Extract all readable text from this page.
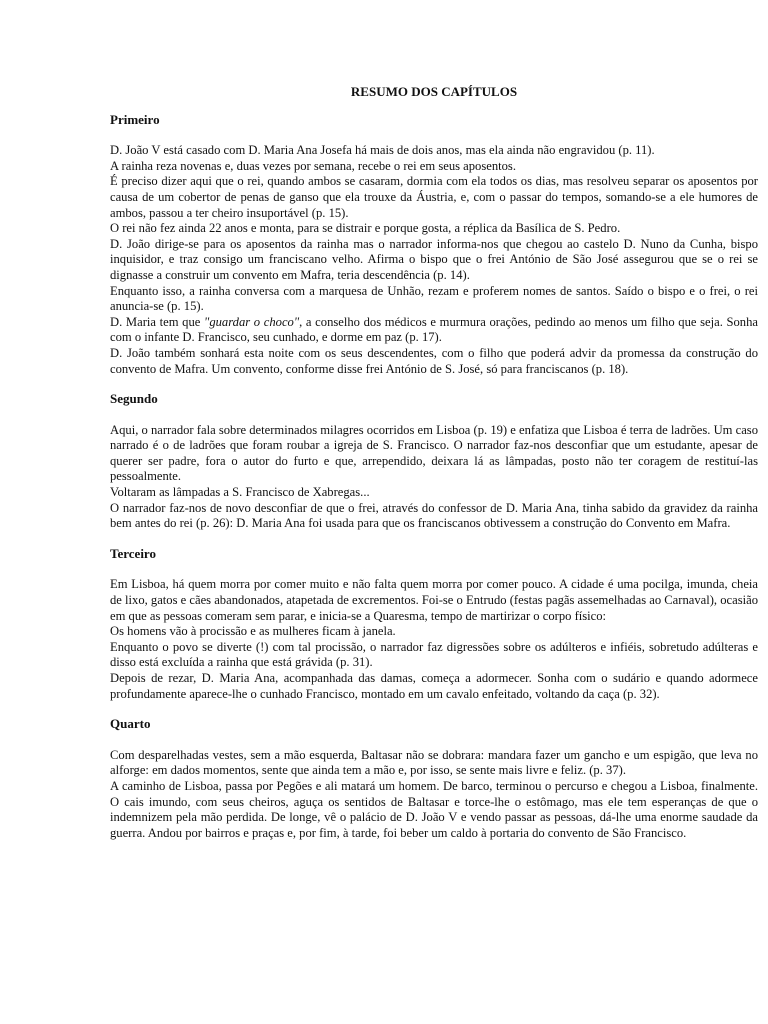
RESUMO DOS CAPÍTULOS
Primeiro

D. João V está casado com D. Maria Ana Josefa há mais de dois anos, mas ela ainda não engravidou (p. 11).

A rainha reza novenas e, duas vezes por semana, recebe o rei em seus aposentos.

É preciso dizer aqui que o rei, quando ambos se casaram, dormia com ela todos os dias, mas resolveu separar os aposentos por causa de um cobertor de penas de ganso que ela trouxe da Áustria, e, com o passar do tempos, somando-se a ele humores de ambos, passou a ter cheiro insuportável (p. 15).

O rei não fez ainda 22 anos e monta, para se distrair e porque gosta, a réplica da Basílica de S. Pedro.

D. João dirige-se para os aposentos da rainha mas o narrador informa-nos que chegou ao castelo D. Nuno da Cunha, bispo inquisidor, e traz consigo um franciscano velho. Afirma o bispo que o frei António de São José assegurou que se o rei se dignasse a construir um convento em Mafra, teria descendência (p. 14).

Enquanto isso, a rainha conversa com a marquesa de Unhão, rezam e proferem nomes de santos. Saído o bispo e o frei, o rei anuncia-se (p. 15).

D. Maria tem que "guardar o choco", a conselho dos médicos e murmura orações, pedindo ao menos um filho que seja. Sonha com o infante D. Francisco, seu cunhado, e dorme em paz (p. 17).

D. João também sonhará esta noite com os seus descendentes, com o filho que poderá advir da promessa da construção do convento de Mafra. Um convento, conforme disse frei António de S. José, só para franciscanos (p. 18).

Segundo

Aqui, o narrador fala sobre determinados milagres ocorridos em Lisboa (p. 19) e enfatiza que Lisboa é terra de ladrões. Um caso narrado é o de ladrões que foram roubar a igreja de S. Francisco. O narrador faz-nos desconfiar que um estudante, apesar de querer ser padre, fora o autor do furto e que, arrependido, deixara lá as lâmpadas, posto não ter coragem de restituí-las pessoalmente.

Voltaram as lâmpadas a S. Francisco de Xabregas...

O narrador faz-nos de novo desconfiar de que o frei, através do confessor de D. Maria Ana, tinha sabido da gravidez da rainha bem antes do rei (p. 26): D. Maria Ana foi usada para que os franciscanos obtivessem a construção do Convento em Mafra.

Terceiro

Em Lisboa, há quem morra por comer muito e não falta quem morra por comer pouco. A cidade é uma pocilga, imunda, cheia de lixo, gatos e cães abandonados, atapetada de excrementos. Foi-se o Entrudo (festas pagãs assemelhadas ao Carnaval), ocasião em que as pessoas comeram sem parar, e inicia-se a Quaresma, tempo de martirizar o corpo físico:

Os homens vão à procissão e as mulheres ficam à janela.

Enquanto o povo se diverte (!) com tal procissão, o narrador faz digressões sobre os adúlteros e infiéis, sobretudo adúlteras e disso está excluída a rainha que está grávida (p. 31).

Depois de rezar, D. Maria Ana, acompanhada das damas, começa a adormecer. Sonha com o sudário e quando adormece profundamente aparece-lhe o cunhado Francisco, montado em um cavalo enfeitado, voltando da caça (p. 32).

Quarto

Com desparelhadas vestes, sem a mão esquerda, Baltasar não se dobrara: mandara fazer um gancho e um espigão, que leva no alforge: em dados momentos, sente que ainda tem a mão e, por isso, se sente mais livre e feliz. (p. 37).

A caminho de Lisboa, passa por Pegões e ali matará um homem. De barco, terminou o percurso e chegou a Lisboa, finalmente. O cais imundo, com seus cheiros, aguça os sentidos de Baltasar e torce-lhe o estômago, mas ele tem esperanças de que o indemnizem pela mão perdida. De longe, vê o palácio de D. João V e vendo passar as pessoas, dá-lhe uma enorme saudade da guerra. Andou por bairros e praças e, por fim, à tarde, foi beber um caldo à portaria do convento de São Francisco.
